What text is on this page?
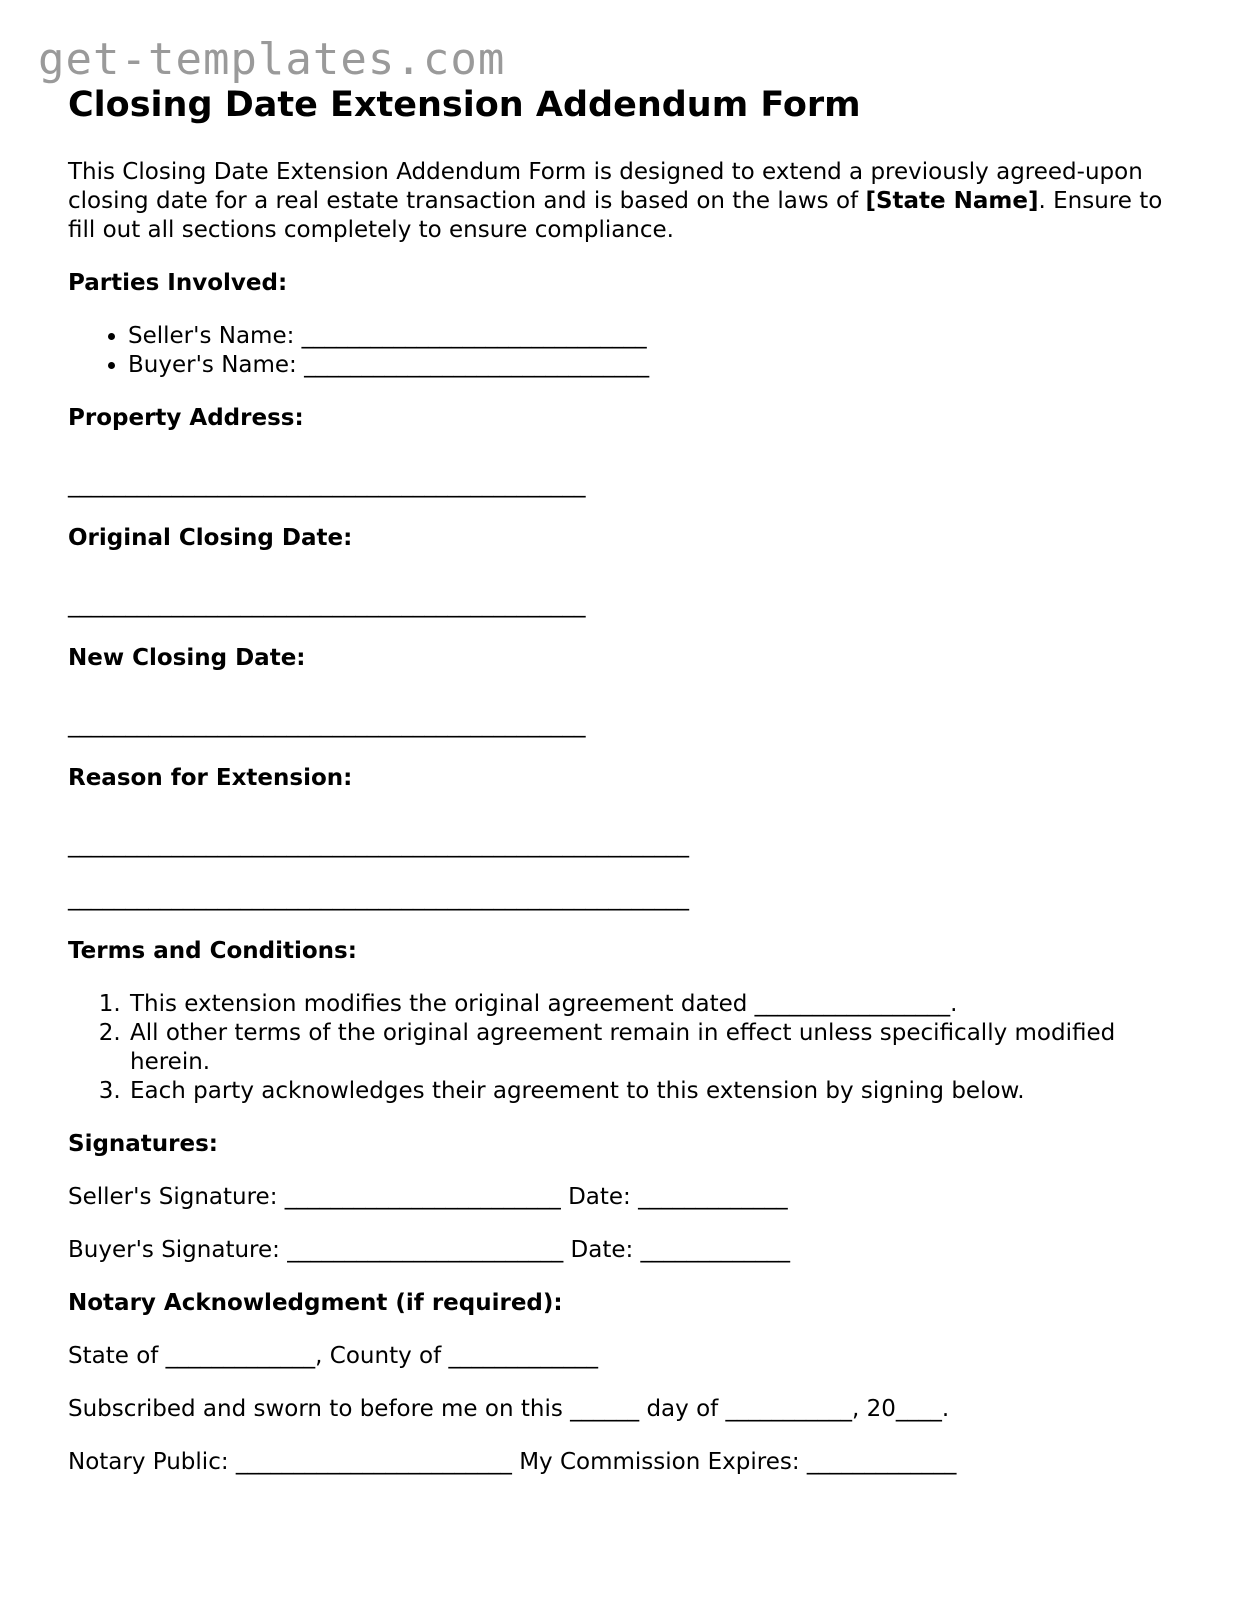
get-templates.com

Closing Date Extension Addendum Form

This Closing Date Extension Addendum Form is designed to extend a previously agreed-upon closing date for a real estate transaction and is based on the laws of [State Name]. Ensure to fill out all sections completely to ensure compliance.

Parties Involved:
• Seller's Name: ______________________________
• Buyer's Name: ______________________________
Property Address:

_____________________________________________

Original Closing Date:

_____________________________________________

New Closing Date:

_____________________________________________

Reason for Extension:

______________________________________________________

______________________________________________________

Terms and Conditions:
1. This extension modifies the original agreement dated _________________.
2. All other terms of the original agreement remain in effect unless specifically modified herein.
3. Each party acknowledges their agreement to this extension by signing below.
Signatures:

Seller's Signature: ________________________ Date: _____________

Buyer's Signature: ________________________ Date: _____________

Notary Acknowledgment (if required):

State of _____________, County of _____________

Subscribed and sworn to before me on this ______ day of ___________, 20____.

Notary Public: ________________________ My Commission Expires: _____________
